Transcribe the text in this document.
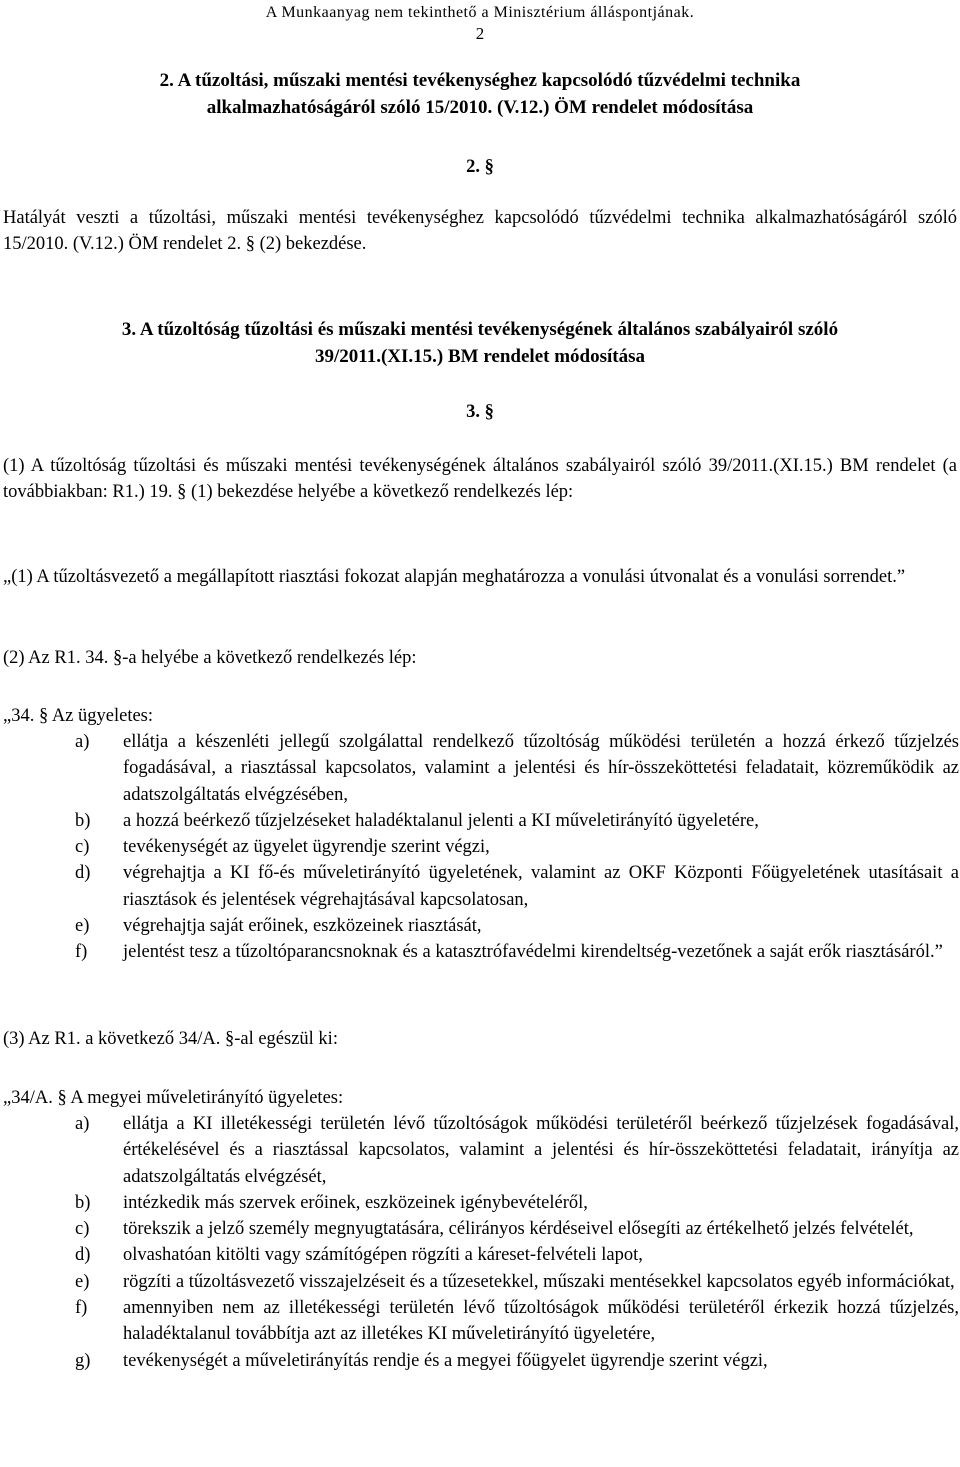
A Munkaanyag nem tekinthető a Minisztérium álláspontjának.
2
2. A tűzoltási, műszaki mentési tevékenységhez kapcsolódó tűzvédelmi technika
alkalmazhatóságáról szóló 15/2010. (V.12.) ÖM rendelet módosítása
2. §
Hatályát veszti a tűzoltási, műszaki mentési tevékenységhez kapcsolódó tűzvédelmi technika alkalmazhatóságáról szóló 15/2010. (V.12.) ÖM rendelet 2. § (2) bekezdése.
3. A tűzoltóság tűzoltási és műszaki mentési tevékenységének általános szabályairól szóló
39/2011.(XI.15.) BM rendelet módosítása
3. §
(1) A tűzoltóság tűzoltási és műszaki mentési tevékenységének általános szabályairól szóló 39/2011.(XI.15.) BM rendelet (a továbbiakban: R1.) 19. § (1) bekezdése helyébe a következő rendelkezés lép:
„(1) A tűzoltásvezető a megállapított riasztási fokozat alapján meghatározza a vonulási útvonalat és a vonulási sorrendet.”
(2) Az R1. 34. §-a helyébe a következő rendelkezés lép:
„34. § Az ügyeletes:
a)	ellátja a készenléti jellegű szolgálattal rendelkező tűzoltóság működési területén a hozzá érkező tűzjelzés fogadásával, a riasztással kapcsolatos, valamint a jelentési és hír-összeköttetési feladatait, közreműködik az adatszolgáltatás elvégzésében,
b)	a hozzá beérkező tűzjelzéseket haladéktalanul jelenti a KI műveletirányító ügyeletére,
c)	tevékenységét az ügyelet ügyrendje szerint végzi,
d)	végrehajtja a KI fő-és műveletirányító ügyeletének, valamint az OKF Központi Főügyeletének utasításait a riasztások és jelentések végrehajtásával kapcsolatosan,
e)	végrehajtja saját erőinek, eszközeinek riasztását,
f)	jelentést tesz a tűzoltóparancsnoknak és a katasztrófavédelmi kirendeltség-vezetőnek a saját erők riasztásáról.”
(3) Az R1. a következő 34/A. §-al egészül ki:
„34/A. § A megyei műveletirányító ügyeletes:
a)	ellátja a KI illetékességi területén lévő tűzoltóságok működési területéről beérkező tűzjelzések fogadásával, értékelésével és a riasztással kapcsolatos, valamint a jelentési és hír-összeköttetési feladatait, irányítja az adatszolgáltatás elvégzését,
b)	intézkedik más szervek erőinek, eszközeinek igénybevételéről,
c)	törekszik a jelző személy megnyugtatására, célirányos kérdéseivel elősegíti az értékelhető jelzés felvételét,
d)	olvashatóan kitölti vagy számítógépen rögzíti a káreset-felvételi lapot,
e)	rögzíti a tűzoltásvezető visszajelzéseit és a tűzesetekkel, műszaki mentésekkel kapcsolatos egyéb információkat,
f)	amennyiben nem az illetékességi területén lévő tűzoltóságok működési területéről érkezik hozzá tűzjelzés, haladéktalanul továbbítja azt az illetékes KI műveletirányító ügyeletére,
g)	tevékenységét a műveletirányítás rendje és a megyei főügyelet ügyrendje szerint végzi,
